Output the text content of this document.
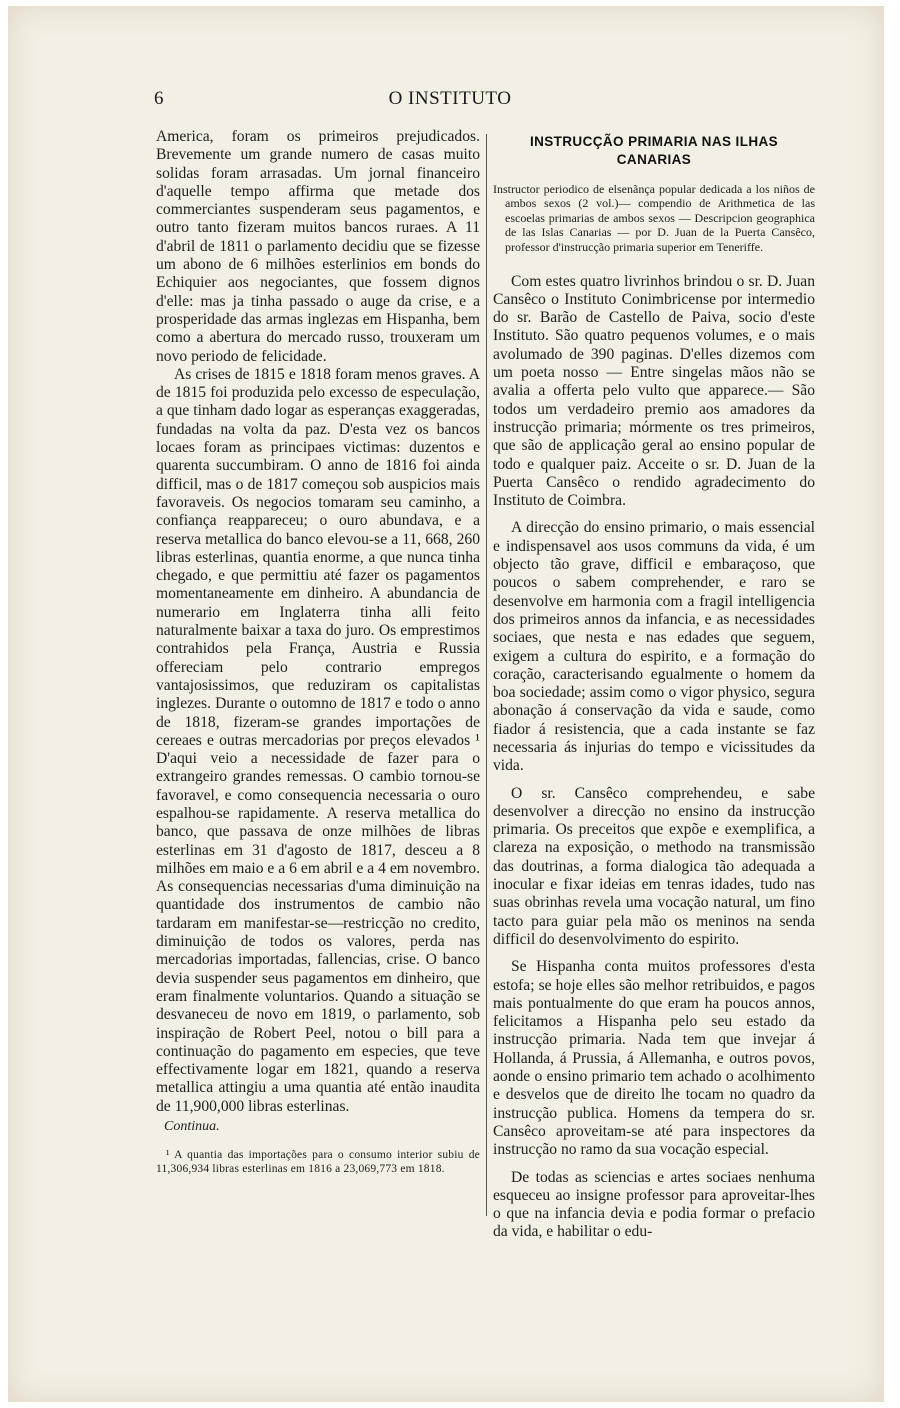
O INSTITUTO
6

America, foram os primeiros prejudicados. Brevemente um grande numero de casas muito solidas foram arrasadas. Um jornal financeiro d'aquelle tempo affirma que metade dos commerciantes suspenderam seus pagamentos, e outro tanto fizeram muitos bancos ruraes. A 11 d'abril de 1811 o parlamento decidiu que se fizesse um abono de 6 milhões esterlinios em bonds do Echiquier aos negociantes, que fossem dignos d'elle: mas ja tinha passado o auge da crise, e a prosperidade das armas inglezas em Hispanha, bem como a abertura do mercado russo, trouxeram um novo periodo de felicidade.

As crises de 1815 e 1818 foram menos graves. A de 1815 foi produzida pelo excesso de especulação, a que tinham dado logar as esperanças exaggeradas, fundadas na volta da paz. D'esta vez os bancos locaes foram as principaes victimas: duzentos e quarenta succumbiram. O anno de 1816 foi ainda difficil, mas o de 1817 começou sob auspicios mais favoraveis. Os negocios tomaram seu caminho, a confiança reappareceu; o ouro abundava, e a reserva metallica do banco elevou-se a 11, 668, 260 libras esterlinas, quantia enorme, a que nunca tinha chegado, e que permittiu até fazer os pagamentos momentaneamente em dinheiro. A abundancia de numerario em Inglaterra tinha alli feito naturalmente baixar a taxa do juro. Os emprestimos contrahidos pela França, Austria e Russia offereciam pelo contrario empregos vantajosissimos, que reduziram os capitalistas inglezes. Durante o outomno de 1817 e todo o anno de 1818, fizeram-se grandes importações de cereaes e outras mercadorias por preços elevados ¹ D'aqui veio a necessidade de fazer para o extrangeiro grandes remessas. O cambio tornou-se favoravel, e como consequencia necessaria o ouro espalhou-se rapidamente. A reserva metallica do banco, que passava de onze milhões de libras esterlinas em 31 d'agosto de 1817, desceu a 8 milhões em maio e a 6 em abril e a 4 em novembro. As consequencias necessarias d'uma diminuição na quantidade dos instrumentos de cambio não tardaram em manifestar-se—restricção no credito, diminuição de todos os valores, perda nas mercadorias importadas, fallencias, crise. O banco devia suspender seus pagamentos em dinheiro, que eram finalmente voluntarios. Quando a situação se desvaneceu de novo em 1819, o parlamento, sob inspiração de Robert Peel, notou o bill para a continuação do pagamento em especies, que teve effectivamente logar em 1821, quando a reserva metallica attingiu a uma quantia até então inaudita de 11,900,000 libras esterlinas.

Continua.

¹ A quantia das importações para o consumo interior subiu de 11,306,934 libras esterlinas em 1816 a 23,069,773 em 1818.

INSTRUCÇÃO PRIMARIA NAS ILHAS CANARIAS
Instructor periodico de elsenãnça popular dedicada a los niños de ambos sexos (2 vol.)— compendio de Arithmetica de las escoelas primarias de ambos sexos — Descripcion geographica de las Islas Canarias — por D. Juan de la Puerta Cansêco, professor d'instrucção primaria superior em Teneriffe.

Com estes quatro livrinhos brindou o sr. D. Juan Cansêco o Instituto Conimbricense por intermedio do sr. Barão de Castello de Paiva, socio d'este Instituto. São quatro pequenos volumes, e o mais avolumado de 390 paginas. D'elles dizemos com um poeta nosso — Entre singelas mãos não se avalia a offerta pelo vulto que apparece.— São todos um verdadeiro premio aos amadores da instrucção primaria; mórmente os tres primeiros, que são de applicação geral ao ensino popular de todo e qualquer paiz. Acceite o sr. D. Juan de la Puerta Cansêco o rendido agradecimento do Instituto de Coimbra.

A direcção do ensino primario, o mais essencial e indispensavel aos usos communs da vida, é um objecto tão grave, difficil e embaraçoso, que poucos o sabem comprehender, e raro se desenvolve em harmonia com a fragil intelligencia dos primeiros annos da infancia, e as necessidades sociaes, que nesta e nas edades que seguem, exigem a cultura do espirito, e a formação do coração, caracterisando egualmente o homem da boa sociedade; assim como o vigor physico, segura abonação á conservação da vida e saude, como fiador á resistencia, que a cada instante se faz necessaria ás injurias do tempo e vicissitudes da vida.

O sr. Cansêco comprehendeu, e sabe desenvolver a direcção no ensino da instrucção primaria. Os preceitos que expõe e exemplifica, a clareza na exposição, o methodo na transmissão das doutrinas, a forma dialogica tão adequada a inocular e fixar ideias em tenras idades, tudo nas suas obrinhas revela uma vocação natural, um fino tacto para guiar pela mão os meninos na senda difficil do desenvolvimento do espirito.

Se Hispanha conta muitos professores d'esta estofa; se hoje elles são melhor retribuidos, e pagos mais pontualmente do que eram ha poucos annos, felicitamos a Hispanha pelo seu estado da instrucção primaria. Nada tem que invejar á Hollanda, á Prussia, á Allemanha, e outros povos, aonde o ensino primario tem achado o acolhimento e desvelos que de direito lhe tocam no quadro da instrucção publica. Homens da tempera do sr. Cansêco aproveitam-se até para inspectores da instrucção no ramo da sua vocação especial.

De todas as sciencias e artes sociaes nenhuma esqueceu ao insigne professor para aproveitar-lhes o que na infancia devia e podia formar o prefacio da vida, e habilitar o edu-
